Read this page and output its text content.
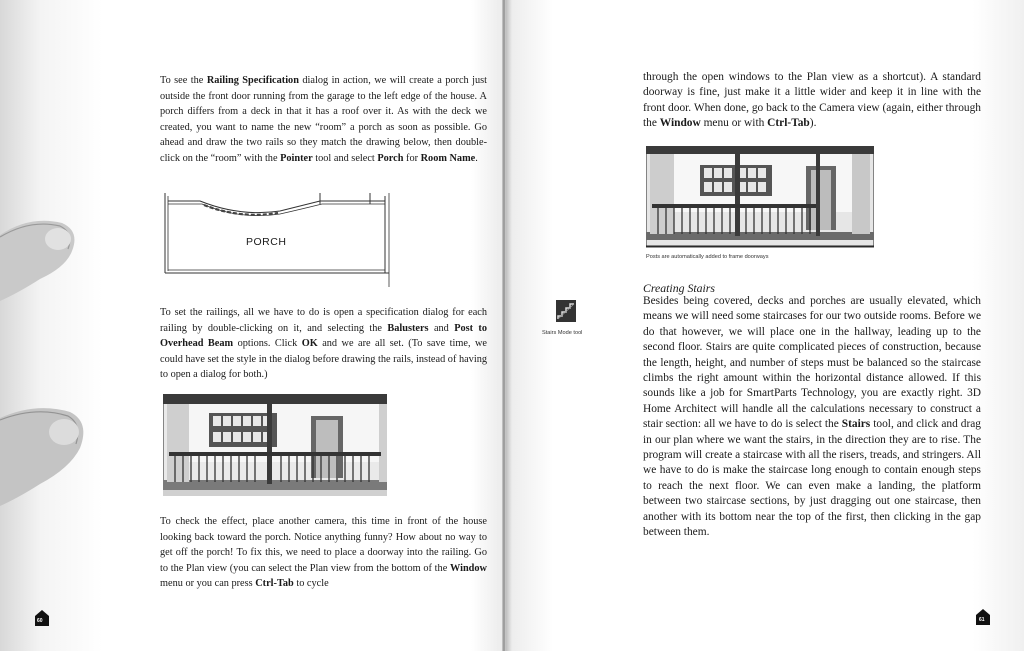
To see the Railing Specification dialog in action, we will create a porch just outside the front door running from the garage to the left edge of the house. A porch differs from a deck in that it has a roof over it. As with the deck we created, you want to name the new “room” a porch as soon as possible. Go ahead and draw the two rails so they match the drawing below, then double-click on the “room” with the Pointer tool and select Porch for Room Name.

PORCH

To set the railings, all we have to do is open a specification dialog for each railing by double-clicking on it, and selecting the Balusters and Post to Overhead Beam options. Click OK and we are all set. (To save time, we could have set the style in the dialog before drawing the rails, instead of having to open a dialog for both.)

To check the effect, place another camera, this time in front of the house looking back toward the porch. Notice anything funny? How about no way to get off the porch! To fix this, we need to place a doorway into the railing. Go to the Plan view (you can select the Plan view from the bottom of the Window menu or you can press Ctrl-Tab to cycle

60

through the open windows to the Plan view as a shortcut). A standard doorway is fine, just make it a little wider and keep it in line with the front door. When done, go back to the Camera view (again, either through the Window menu or with Ctrl-Tab).

Posts are automatically added to frame doorways
Stairs Mode tool

Creating Stairs

Besides being covered, decks and porches are usually elevated, which means we will need some staircases for our two outside rooms. Before we do that however, we will place one in the hallway, leading up to the second floor. Stairs are quite complicated pieces of construction, because the length, height, and number of steps must be balanced so the staircase climbs the right amount within the horizontal distance allowed. If this sounds like a job for SmartParts Technology, you are exactly right. 3D Home Architect will handle all the calculations necessary to construct a stair section: all we have to do is select the Stairs tool, and click and drag in our plan where we want the stairs, in the direction they are to rise. The program will create a staircase with all the risers, treads, and stringers. All we have to do is make the staircase long enough to contain enough steps to reach the next floor. We can even make a landing, the platform between two staircase sections, by just dragging out one staircase, then another with its bottom near the top of the first, then clicking in the gap between them.

61
